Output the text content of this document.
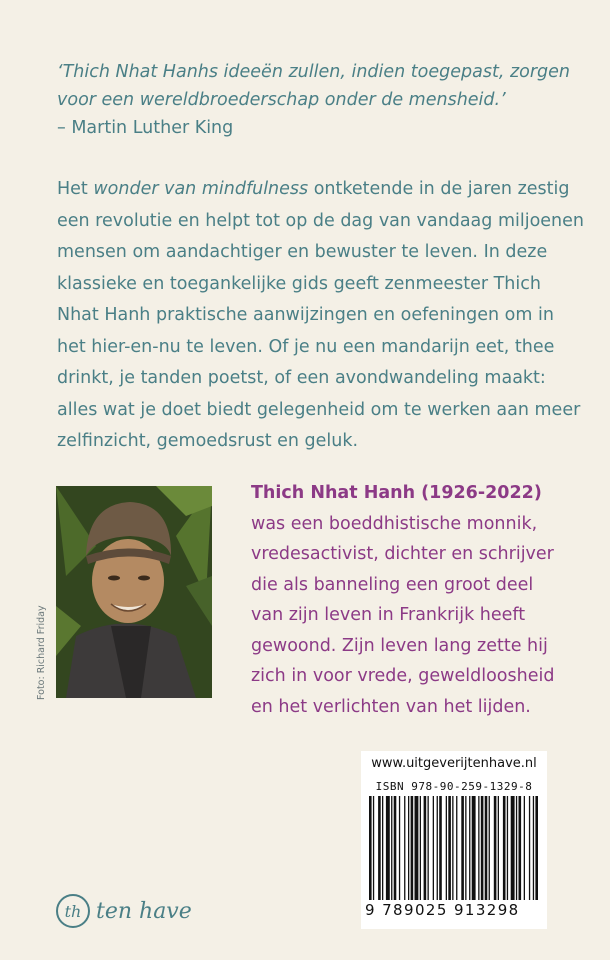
‘Thich Nhat Hanhs ideeën zullen, indien toegepast, zorgen
voor een wereldbroederschap onder de mensheid.’
– Martin Luther King
Het wonder van mindfulness ontketende in de jaren zestig een revolutie en helpt tot op de dag van vandaag miljoenen mensen om aandachtiger en bewuster te leven. In deze klassieke en toegankelijke gids geeft zenmeester Thich Nhat Hanh praktische aanwijzingen en oefeningen om in het hier-en-nu te leven. Of je nu een mandarijn eet, thee drinkt, je tanden poetst, of een avondwandeling maakt: alles wat je doet biedt gelegenheid om te werken aan meer zelfinzicht, gemoedsrust en geluk.
Foto: Richard Friday
Thich Nhat Hanh (1926-2022)
was een boeddhistische monnik, vredesactivist, dichter en schrijver die als banneling een groot deel van zijn leven in Frankrijk heeft gewoond. Zijn leven lang zette hij zich in voor vrede, geweldloosheid en het verlichten van het lijden.
www.uitgeverijtenhave.nl
ISBN 978-90-259-1329-8
9 789025 913298
th ten have
